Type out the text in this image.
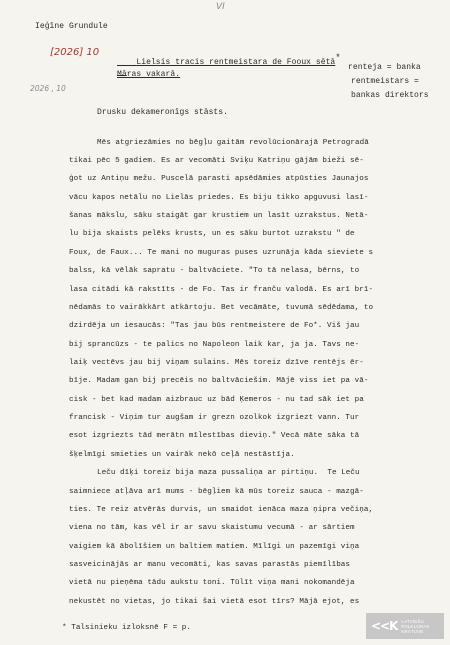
VI
Ieģīne Grundule
[2026] 10

Lielsis tracis rentmeistara de Fooux sētā*

renteja = banka
rentmeistars =
bankas direktors
Māras vakarā.
2026 , 10
Drusku dekameronīgs stāsts.
Mēs atgriezāmies no bēgļu gaitām revolūcionārajā Petrogradā
tikai pēc 5 gadiem. Es ar vecomāti Sviķu Katriņu gājām bieži sē-
ģot uz Antiņu mežu. Puscelā parasti apsēdāmies atpūsties Jaunajos
vācu kapos netālu no Lielās priedes. Es biju tikko apguvusi lasī-
šanas mākslu, sāku staigāt gar krustiem un lasīt uzrakstus. Netā-
lu bija skaists pelēks krusts, un es sāku burtot uzrakstu " de
Foux, de Faux... Te mani no muguras puses uzrunāja kāda sieviete s
balss, kā vēlāk sapratu - baltvāciete. "To tā nelasa, bērns, to
lasa citādi kā rakstīts - de Fo. Tas ir franču valodā. Es arī brī-
nēdamās to vairākkārt atkārtoju. Bet vecāmāte, tuvumā sēdēdama, to
dzirdēja un iesaucās: "Tas jau būs rentmeistere de Fo*. Viš jau
bij sprancūzs - te palics no Napoleon laik kar, ja ja. Tavs ne-
laiķ vectēvs jau bij viņam sulains. Mēs toreiz dzīve rentējs ēr-
bīje. Madam gan bij precēis no baltvācieším. Mājē viss iet pa vā-
cisk - bet kad madam aizbrauc uz bād Ķemeros - nu tad sāk iet pa
francisk - Viņim tur augšam ir grezn ozolkok izgriezt vann. Tur
esot izgriezts tād merātn mīlestības dieviņ." Vecā māte sāka tā
šķelmīgi smieties un vairāk nekō ceļā nestāstīja.
Leču dīķi toreiz bija maza pussaliņa ar pirtiņu.  Te Leču
saimniece atļāva arī mums - bēgļiem kā mūs toreiz sauca - mazgā-
ties. Te reiz atvērās durvis, un smaidot ienāca maza ņipra večiņa,
viena no tām, kas vēl ir ar savu skaistumu vecumā - ar sārtiem
vaigiem kā ābolīšiem un baltiem matiem. Mīlīgi un pazemīgi viņa
sasveicinājās ar manu vecomāti, kas savas parastās piemīlības
vietā nu pieņēma tādu aukstu toni. Tūlīt viņa mani nokomandēja
nekustēt no vietas, jo tikai šai vietā esot tīrs? Mājā ejot, es
* Talsinieku izloksnē F = p.	<<K LATVIEŠU
FOLKLORAS
KRĀTUVE
